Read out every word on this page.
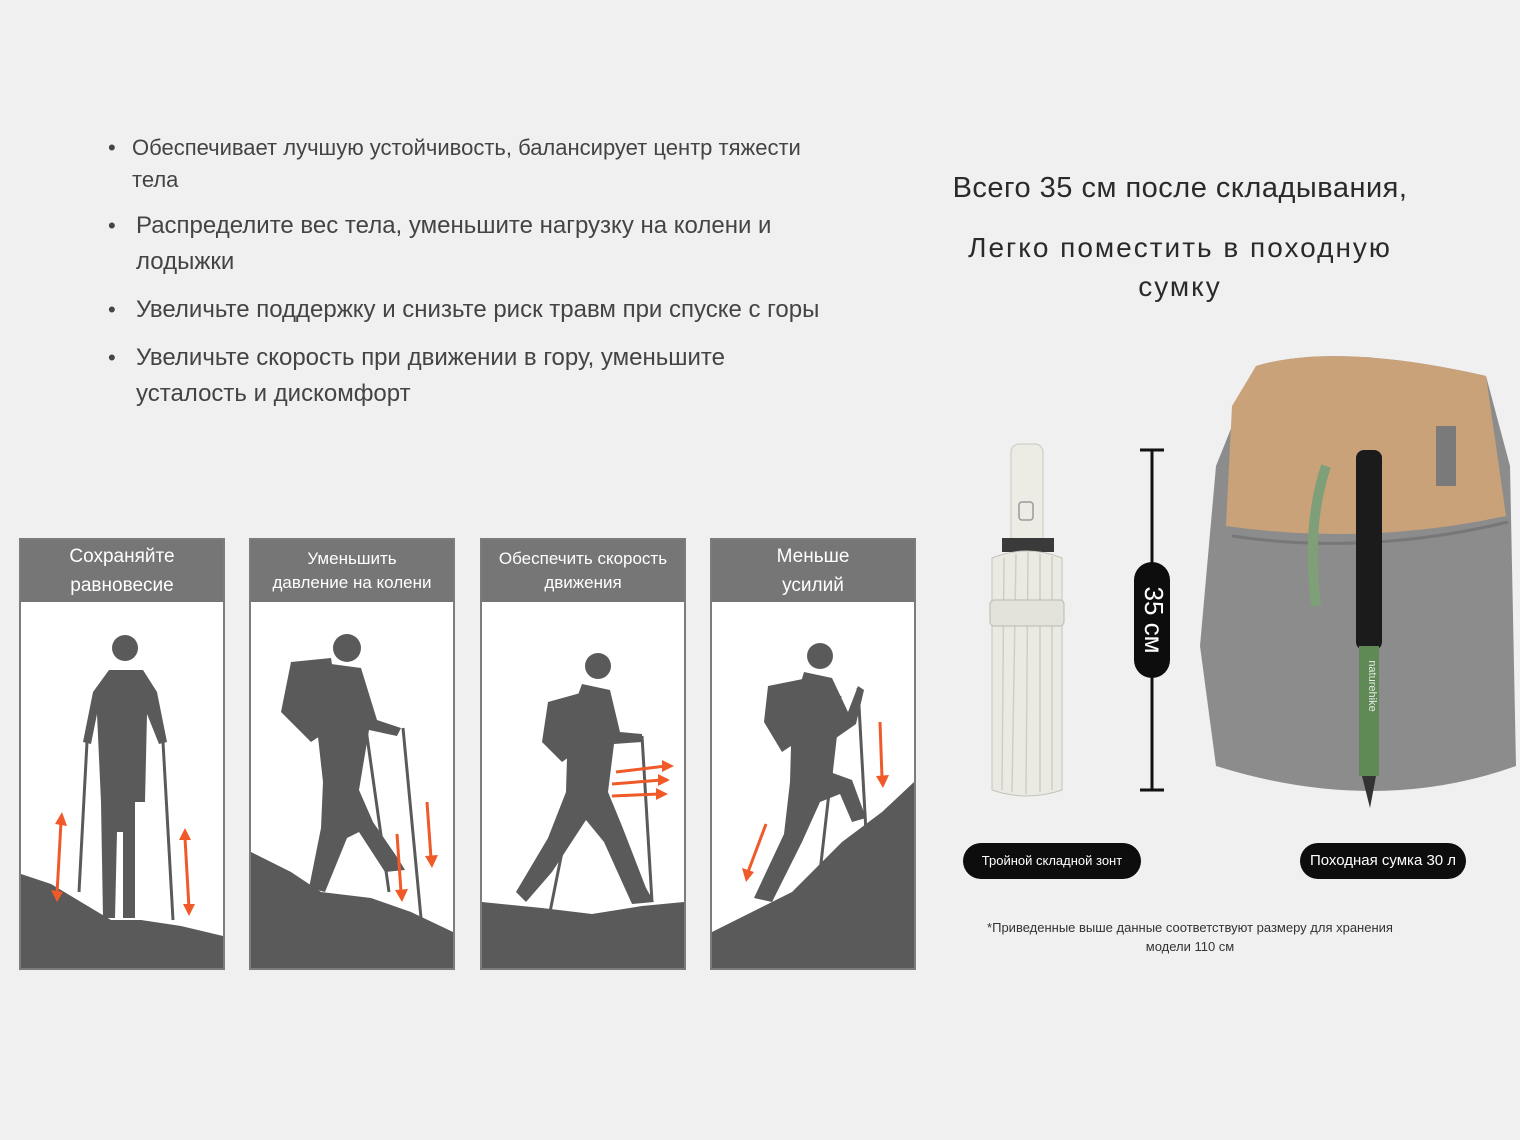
• Обеспечивает лучшую устойчивость, балансирует центр тяжести тела
• Распределите вес тела, уменьшите нагрузку на колени и лодыжки
• Увеличьте поддержку и снизьте риск травм при спуске с горы
• Увеличьте скорость при движении в гору, уменьшите усталость и дискомфорт
Сохраняйте
равновесие
Уменьшить
давление на колени
Обеспечить скорость
движения
Меньше
усилий
Всего 35 см после складывания,
Легко поместить в походную
сумку
35 см
naturehike
Тройной складной зонт	Походная сумка 30 л
*Приведенные выше данные соответствуют размеру для хранения
модели 110 см
